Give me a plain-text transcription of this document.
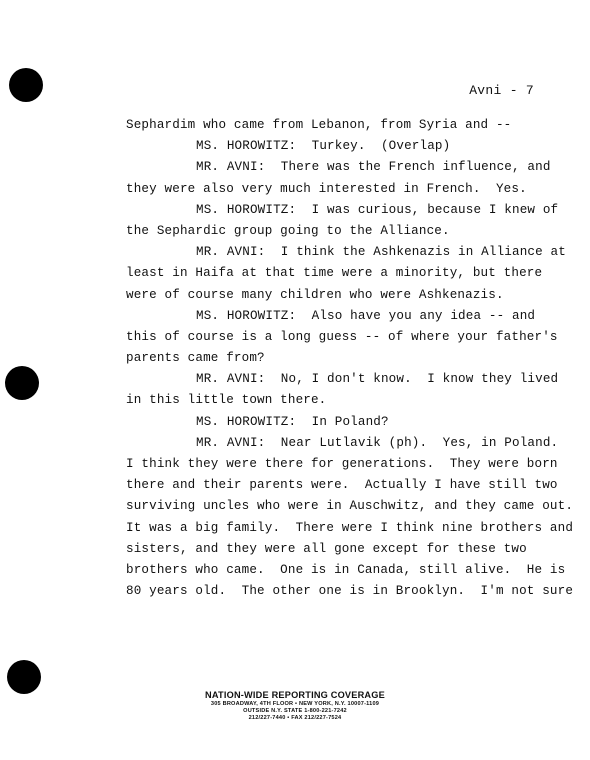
Avni - 7
Sephardim who came from Lebanon, from Syria and --
MS. HOROWITZ:  Turkey.  (Overlap)
MR. AVNI:  There was the French influence, and
they were also very much interested in French.  Yes.
MS. HOROWITZ:  I was curious, because I knew of
the Sephardic group going to the Alliance.
MR. AVNI:  I think the Ashkenazis in Alliance at
least in Haifa at that time were a minority, but there
were of course many children who were Ashkenazis.
MS. HOROWITZ:  Also have you any idea -- and
this of course is a long guess -- of where your father's
parents came from?
MR. AVNI:  No, I don't know.  I know they lived
in this little town there.
MS. HOROWITZ:  In Poland?
MR. AVNI:  Near Lutlavik (ph).  Yes, in Poland.
I think they were there for generations.  They were born
there and their parents were.  Actually I have still two
surviving uncles who were in Auschwitz, and they came out.
It was a big family.  There were I think nine brothers and
sisters, and they were all gone except for these two
brothers who came.  One is in Canada, still alive.  He is
80 years old.  The other one is in Brooklyn.  I'm not sure
NATION-WIDE REPORTING COVERAGE
305 BROADWAY, 4TH FLOOR • NEW YORK, N.Y. 10007-1109
OUTSIDE N.Y. STATE 1-800-221-7242
212/227-7440 • FAX 212/227-7524
